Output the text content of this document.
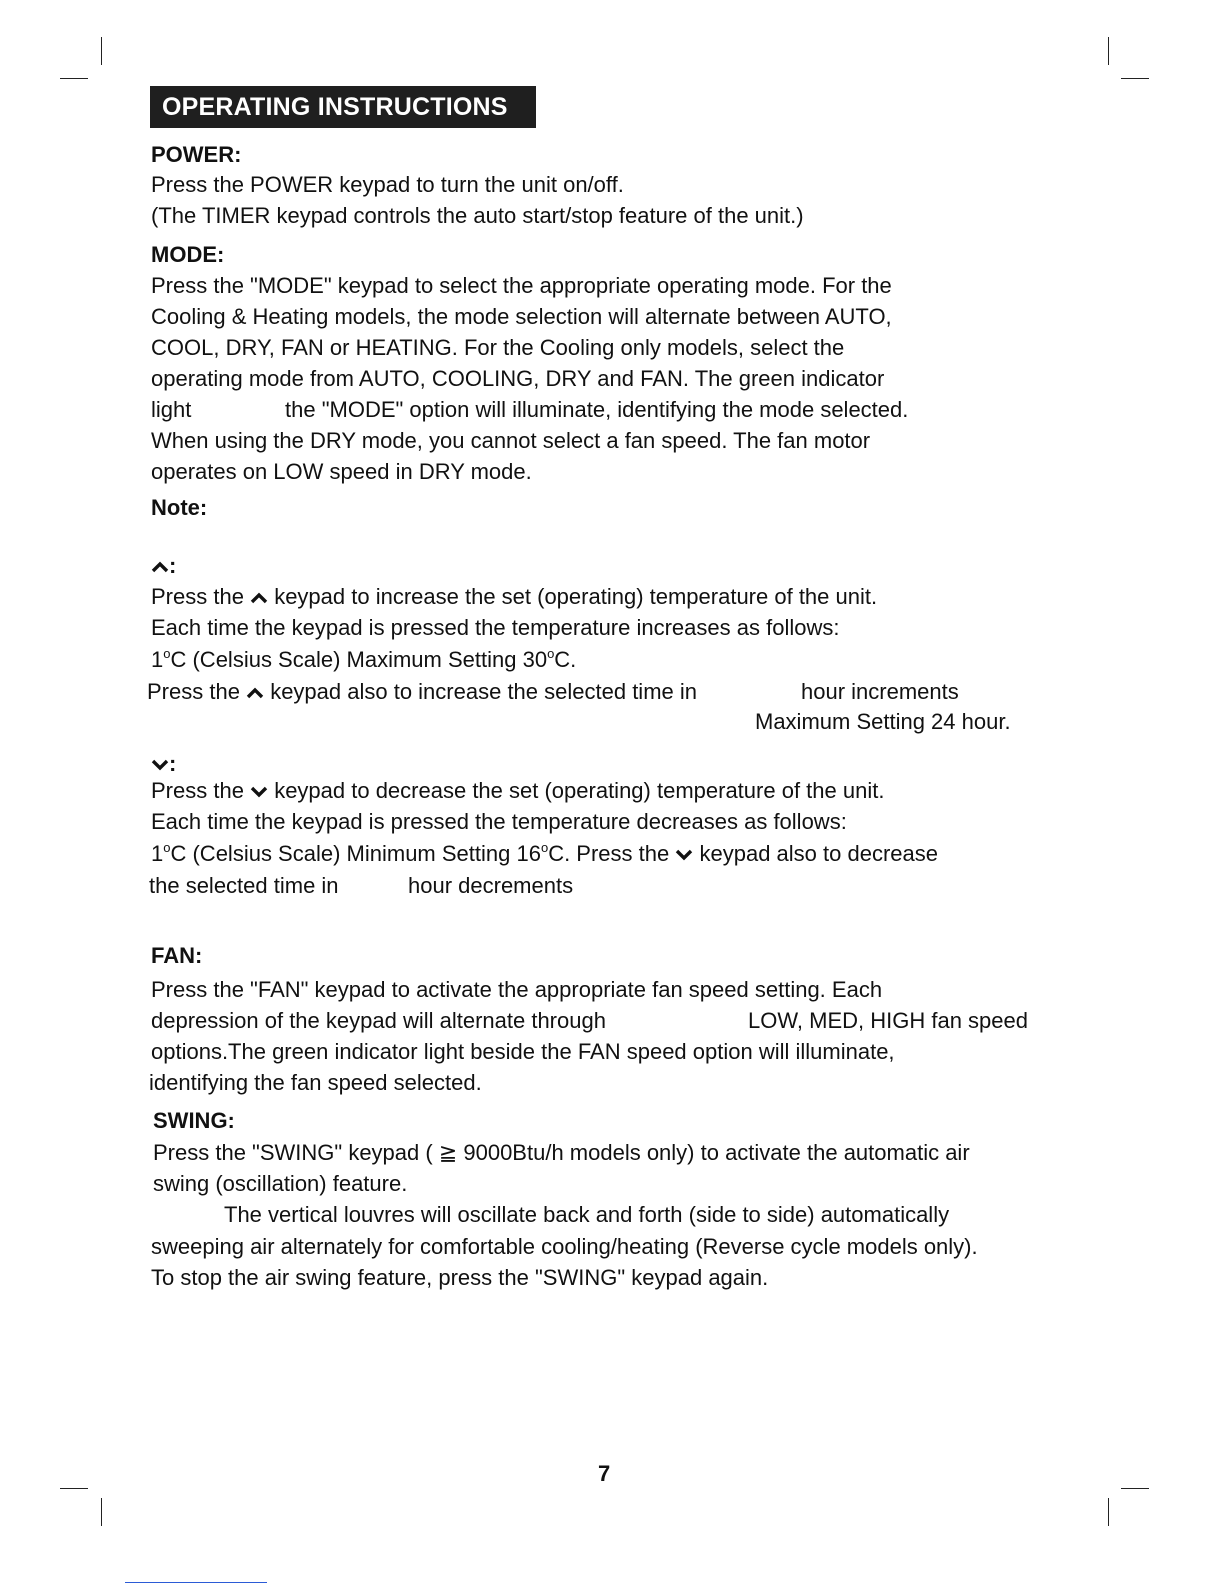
OPERATING INSTRUCTIONS
POWER:
Press the POWER keypad to turn the unit on/off.
(The TIMER keypad controls the auto start/stop feature of the unit.)
MODE:
Press the "MODE" keypad to select the appropriate operating mode. For the
Cooling & Heating models, the mode selection will alternate between AUTO,
COOL, DRY, FAN or HEATING. For the Cooling only models, select the
operating mode from AUTO, COOLING, DRY and FAN. The green indicator
light	the "MODE" option will illuminate, identifying the mode selected.
When using the DRY mode, you cannot select a fan speed. The fan motor
operates on LOW speed in DRY mode.
Note:
:
Press the keypad to increase the set (operating) temperature of the unit.
Each time the keypad is pressed the temperature increases as follows:
1$^o$C (Celsius Scale) Maximum Setting 30$^o$C.
Press the keypad also to increase the selected time in	hour increments
Maximum Setting 24 hour.
:
Press the keypad to decrease the set (operating) temperature of the unit.
Each time the keypad is pressed the temperature decreases as follows:
1$^o$C (Celsius Scale) Minimum Setting 16$^o$C. Press the keypad also to decrease
the selected time in	hour decrements
FAN:
Press the "FAN" keypad to activate the appropriate fan speed setting. Each
depression of the keypad will alternate through	LOW, MED, HIGH fan speed
options.The green indicator light beside the FAN speed option will illuminate,
identifying the fan speed selected.
SWING:
Press the "SWING" keypad ( ≧ 9000Btu/h models only) to activate the automatic air
swing (oscillation) feature.
The vertical louvres will oscillate back and forth (side to side) automatically
sweeping air alternately for comfortable cooling/heating (Reverse cycle models only).
To stop the air swing feature, press the "SWING" keypad again.
7
